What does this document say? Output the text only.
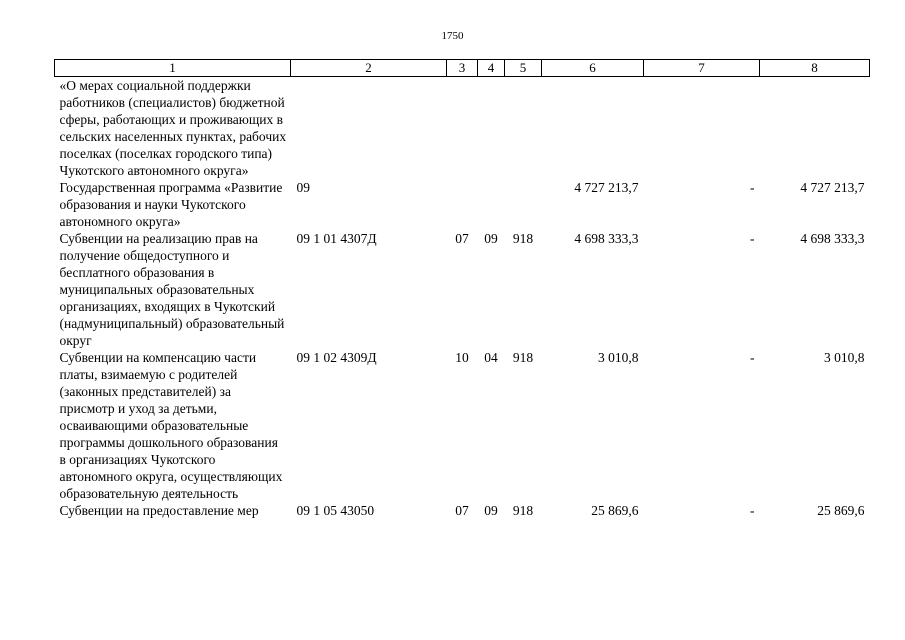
1750
1	2	3	4	5	6	7	8
«О мерах социальной поддержки работников (специалистов) бюджетной сферы, работающих и проживающих в сельских населенных пунктах, рабочих поселках (поселках городского типа) Чукотского автономного округа»							
Государственная программа «Развитие образования и науки Чукотского автономного округа»	09				4 727 213,7	-	4 727 213,7
Субвенции на реализацию прав на получение общедоступного и бесплатного образования в муниципальных образовательных организациях, входящих в Чукотский (надмуниципальный) образовательный округ	09 1 01 4307Д	07	09	918	4 698 333,3	-	4 698 333,3
Субвенции на компенсацию части платы, взимаемую с родителей (законных представителей) за присмотр и уход за детьми, осваивающими образовательные программы дошкольного образования в организациях Чукотского автономного округа, осуществляющих образовательную деятельность	09 1 02 4309Д	10	04	918	3 010,8	-	3 010,8
Субвенции на предоставление мер	09 1 05 43050	07	09	918	25 869,6	-	25 869,6
